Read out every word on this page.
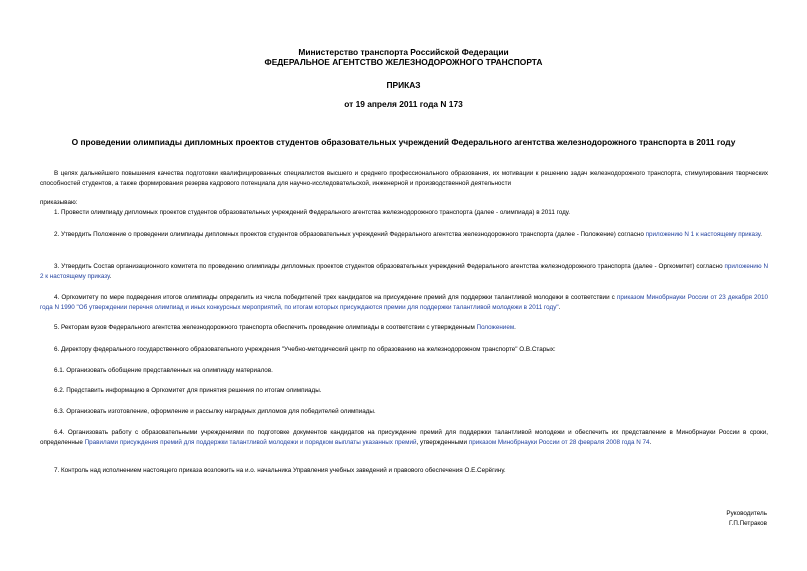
Министерство транспорта Российской Федерации
ФЕДЕРАЛЬНОЕ АГЕНТСТВО ЖЕЛЕЗНОДОРОЖНОГО ТРАНСПОРТА
ПРИКАЗ
от 19 апреля 2011 года N 173
О проведении олимпиады дипломных проектов студентов образовательных учреждений Федерального агентства железнодорожного транспорта в 2011 году
В целях дальнейшего повышения качества подготовки квалифицированных специалистов высшего и среднего профессионального образования, их мотивации к решению задач железнодорожного транспорта, стимулирования творческих способностей студентов, а также формирования резерва кадрового потенциала для научно-исследовательской, инженерной и производственной деятельности
приказываю:
1. Провести олимпиаду дипломных проектов студентов образовательных учреждений Федерального агентства железнодорожного транспорта (далее - олимпиада) в 2011 году.
2. Утвердить Положение о проведении олимпиады дипломных проектов студентов образовательных учреждений Федерального агентства железнодорожного транспорта (далее - Положение) согласно приложению N 1 к настоящему приказу.
3. Утвердить Состав организационного комитета по проведению олимпиады дипломных проектов студентов образовательных учреждений Федерального агентства железнодорожного транспорта (далее - Оргкомитет) согласно приложению N 2 к настоящему приказу.
4. Оргкомитету по мере подведения итогов олимпиады определить из числа победителей трех кандидатов на присуждение премий для поддержки талантливой молодежи в соответствии с приказом Минобрнауки России от 23 декабря 2010 года N 1990 "Об утверждении перечня олимпиад и иных конкурсных мероприятий, по итогам которых присуждаются премии для поддержки талантливой молодежи в 2011 году".
5. Ректорам вузов Федерального агентства железнодорожного транспорта обеспечить проведение олимпиады в соответствии с утвержденным Положением.
6. Директору федерального государственного образовательного учреждения "Учебно-методический центр по образованию на железнодорожном транспорте" О.В.Старых:
6.1. Организовать обобщение представленных на олимпиаду материалов.
6.2. Представить информацию в Оргкомитет для принятия решения по итогам олимпиады.
6.3. Организовать изготовление, оформление и рассылку наградных дипломов для победителей олимпиады.
6.4. Организовать работу с образовательными учреждениями по подготовке документов кандидатов на присуждение премий для поддержки талантливой молодежи и обеспечить их представление в Минобрнауки России в сроки, определенные Правилами присуждения премий для поддержки талантливой молодежи и порядком выплаты указанных премий, утвержденными приказом Минобрнауки России от 28 февраля 2008 года N 74.
7. Контроль над исполнением настоящего приказа возложить на и.о. начальника Управления учебных заведений и правового обеспечения О.Е.Серёгину.
Руководитель
Г.П.Петраков
